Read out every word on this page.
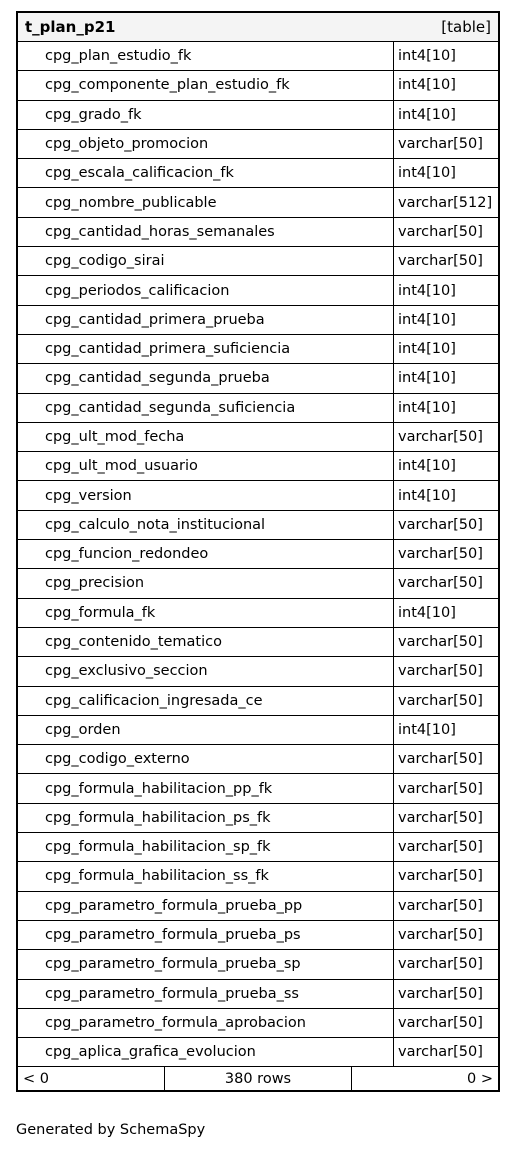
t_plan_p21	[table]
cpg_plan_estudio_fk	int4[10]
cpg_componente_plan_estudio_fk	int4[10]
cpg_grado_fk	int4[10]
cpg_objeto_promocion	varchar[50]
cpg_escala_calificacion_fk	int4[10]
cpg_nombre_publicable	varchar[512]
cpg_cantidad_horas_semanales	varchar[50]
cpg_codigo_sirai	varchar[50]
cpg_periodos_calificacion	int4[10]
cpg_cantidad_primera_prueba	int4[10]
cpg_cantidad_primera_suficiencia	int4[10]
cpg_cantidad_segunda_prueba	int4[10]
cpg_cantidad_segunda_suficiencia	int4[10]
cpg_ult_mod_fecha	varchar[50]
cpg_ult_mod_usuario	int4[10]
cpg_version	int4[10]
cpg_calculo_nota_institucional	varchar[50]
cpg_funcion_redondeo	varchar[50]
cpg_precision	varchar[50]
cpg_formula_fk	int4[10]
cpg_contenido_tematico	varchar[50]
cpg_exclusivo_seccion	varchar[50]
cpg_calificacion_ingresada_ce	varchar[50]
cpg_orden	int4[10]
cpg_codigo_externo	varchar[50]
cpg_formula_habilitacion_pp_fk	varchar[50]
cpg_formula_habilitacion_ps_fk	varchar[50]
cpg_formula_habilitacion_sp_fk	varchar[50]
cpg_formula_habilitacion_ss_fk	varchar[50]
cpg_parametro_formula_prueba_pp	varchar[50]
cpg_parametro_formula_prueba_ps	varchar[50]
cpg_parametro_formula_prueba_sp	varchar[50]
cpg_parametro_formula_prueba_ss	varchar[50]
cpg_parametro_formula_aprobacion	varchar[50]
cpg_aplica_grafica_evolucion	varchar[50]
< 0	380 rows	0 >
Generated by SchemaSpy
